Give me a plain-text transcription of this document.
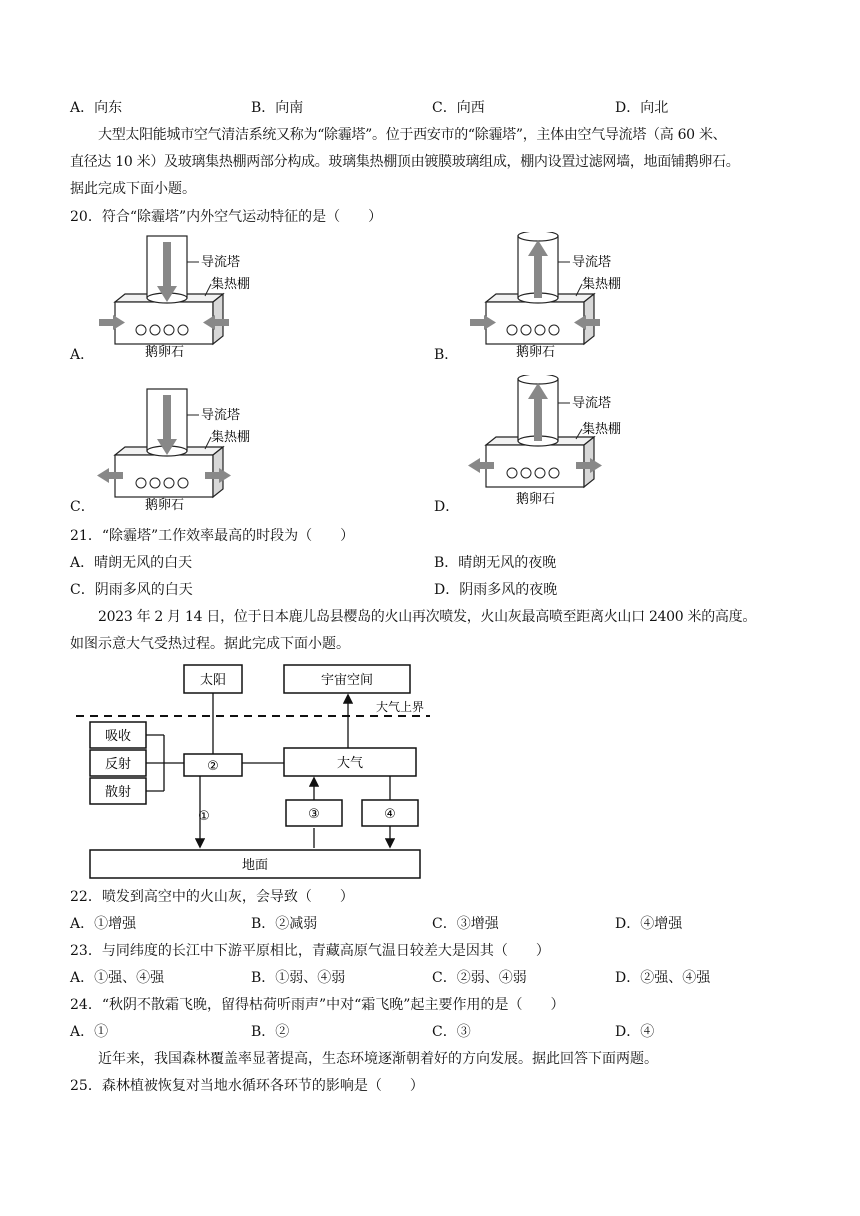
A．向东	B．向南	C．向西	D．向北
大型太阳能城市空气清洁系统又称为“除霾塔”。位于西安市的“除霾塔”，主体由空气导流塔（高 60 米、
直径达 10 米）及玻璃集热棚两部分构成。玻璃集热棚顶由镀膜玻璃组成，棚内设置过滤网墙，地面铺鹅卵石。
据此完成下面小题。
20．符合“除霾塔”内外空气运动特征的是（　　）
A．	B．
C．	D．
导流塔
集热棚
鹅卵石
导流塔
集热棚
鹅卵石
导流塔
集热棚
鹅卵石
导流塔
集热棚
鹅卵石
21．“除霾塔”工作效率最高的时段为（　　）
A．晴朗无风的白天	B．晴朗无风的夜晚
C．阴雨多风的白天	D．阴雨多风的夜晚
2023 年 2 月 14 日，位于日本鹿儿岛县樱岛的火山再次喷发，火山灰最高喷至距离火山口 2400 米的高度。
如图示意大气受热过程。据此完成下面小题。
太阳	宇宙空间
大气上界
吸收
反射
散射
②	大气
①	③	④
地面
22．喷发到高空中的火山灰，会导致（　　）
A．①增强	B．②减弱	C．③增强	D．④增强
23．与同纬度的长江中下游平原相比，青藏高原气温日较差大是因其（　　）
A．①强、④强	B．①弱、④弱	C．②弱、④弱	D．②强、④强
24．“秋阴不散霜飞晚，留得枯荷听雨声”中对“霜飞晚”起主要作用的是（　　）
A．①	B．②	C．③	D．④
近年来，我国森林覆盖率显著提高，生态环境逐渐朝着好的方向发展。据此回答下面两题。
25．森林植被恢复对当地水循环各环节的影响是（　　）
